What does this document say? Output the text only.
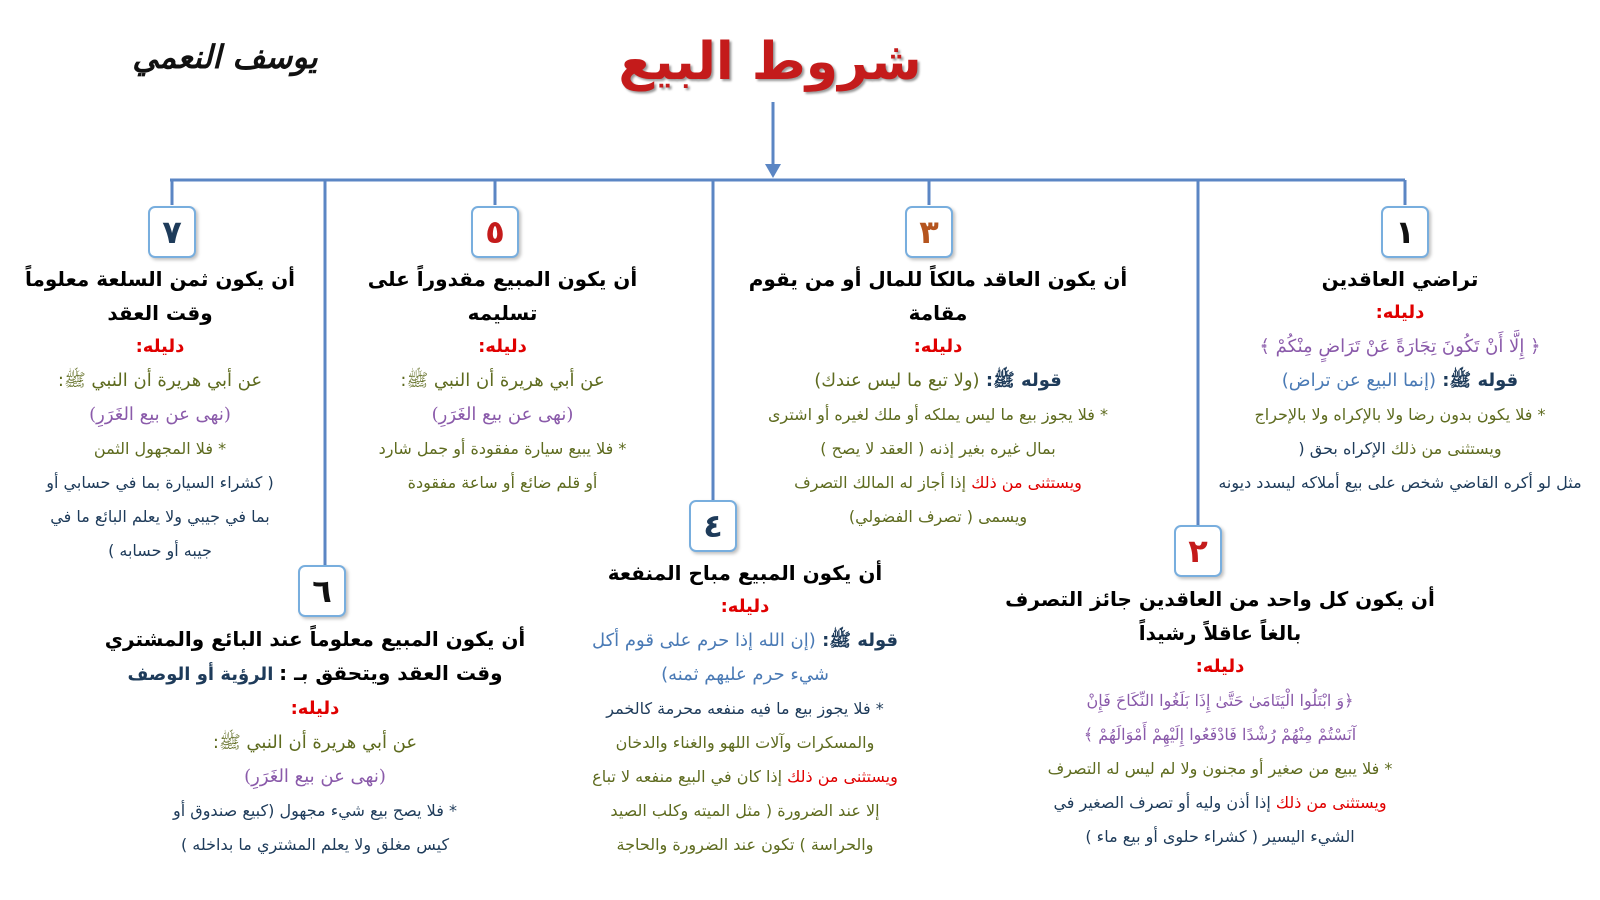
شروط البيع
يوسف النعمي
١
٢
٣
٤
٥
٦
٧
تراضي العاقدين
دليله:
﴿ إِلَّا أَنْ تَكُونَ تِجَارَةً عَنْ تَرَاضٍ مِنْكُمْ ﴾
قوله ﷺ: (إنما البيع عن تراض)
* فلا يكون بدون رضا ولا بالإكراه ولا بالإحراج
ويستثنى من ذلك الإكراه بحق (
مثل لو أكره القاضي شخص على بيع أملاكه ليسدد ديونه
أن يكون كل واحد من العاقدين جائز التصرف
بالغاً عاقلاً رشيداً
دليله:
﴿وَ ابْتَلُوا الْيَتَامَىٰ حَتَّىٰ إِذَا بَلَغُوا النِّكَاحَ فَإِنْ
آنَسْتُمْ مِنْهُمْ رُشْدًا فَادْفَعُوا إِلَيْهِمْ أَمْوَالَهُمْ ﴾
* فلا يبيع من صغير أو مجنون ولا لم ليس له التصرف
ويستثنى من ذلك إذا أذن وليه أو تصرف الصغير في
الشيء اليسير ( كشراء حلوى أو بيع ماء )
أن يكون العاقد مالكاً للمال أو من يقوم مقامة
دليله:
قوله ﷺ: (ولا تبع ما ليس عندك)
* فلا يجوز بيع ما ليس يملكه أو ملك لغيره أو اشترى
بمال غيره بغير إذنه ( العقد لا يصح )
ويستثنى من ذلك إذا أجاز له المالك التصرف
ويسمى ( تصرف الفضولي)
أن يكون المبيع مباح المنفعة
دليله:
قوله ﷺ: (إن الله إذا حرم على قوم أكل
شيء حرم عليهم ثمنه)
* فلا يجوز بيع ما فيه منفعه محرمة كالخمر
والمسكرات وآلات اللهو والغناء والدخان
ويستثنى من ذلك إذا كان في البيع منفعه لا تباع
إلا عند الضرورة ( مثل الميته وكلب الصيد
والحراسة ) تكون عند الضرورة والحاجة
أن يكون المبيع مقدوراً على تسليمه
دليله:
عن أبي هريرة أن النبي ﷺ:
(نهى عن بيع الغَرَرِ)
* فلا يبيع سيارة مفقودة أو جمل شارد
أو قلم ضائع أو ساعة مفقودة
أن يكون المبيع معلوماً عند البائع والمشتري
وقت العقد ويتحقق بـ : الرؤية أو الوصف
دليله:
عن أبي هريرة أن النبي ﷺ:
(نهى عن بيع الغَرَرِ)
* فلا يصح بيع شيء مجهول (كبيع صندوق أو
كيس مغلق ولا يعلم المشتري ما بداخله )
أن يكون ثمن السلعة معلوماً
وقت العقد
دليله:
عن أبي هريرة أن النبي ﷺ:
(نهى عن بيع الغَرَرِ)
* فلا المجهول الثمن
( كشراء السيارة بما في حسابي أو
بما في جيبي ولا يعلم البائع ما في
جيبه أو حسابه )
